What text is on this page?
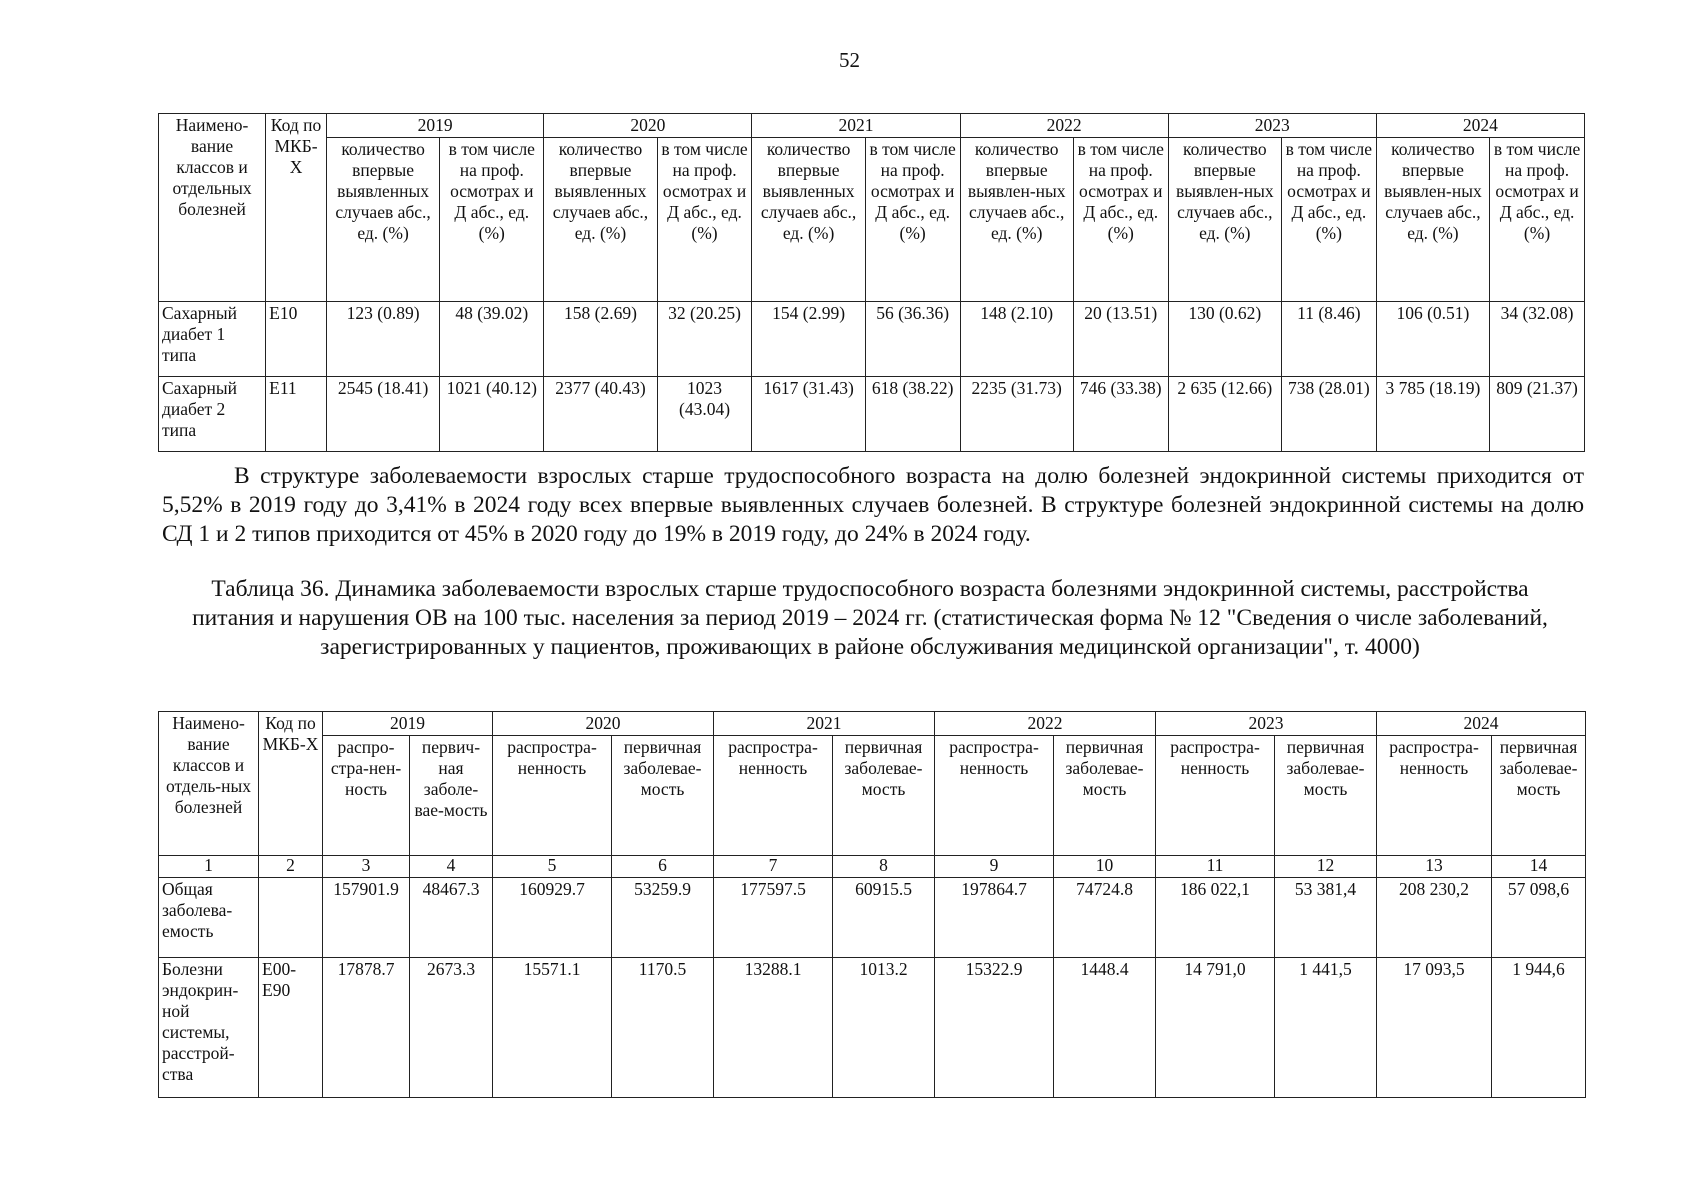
52
Наимено-вание классов и отдельных болезней	Код по МКБ-Х	2019		2020		2021		2022		2023		2024	
		количество впервые выявленных случаев абс., ед. (%)	в том числе на проф. осмотрах и Д абс., ед. (%)	количество впервые выявленных случаев абс., ед. (%)	в том числе на проф. осмотрах и Д абс., ед. (%)	количество впервые выявленных случаев абс., ед. (%)	в том числе на проф. осмотрах и Д абс., ед. (%)	количество впервые выявлен-ных случаев абс., ед. (%)	в том числе на проф. осмотрах и Д абс., ед. (%)	количество впервые выявлен-ных случаев абс., ед. (%)	в том числе на проф. осмотрах и Д абс., ед. (%)	количество впервые выявлен-ных случаев абс., ед. (%)	в том числе на проф. осмотрах и Д абс., ед. (%)
Сахарный диабет 1 типа	E10	123 (0.89)	48 (39.02)	158 (2.69)	32 (20.25)	154 (2.99)	56 (36.36)	148 (2.10)	20 (13.51)	130 (0.62)	11 (8.46)	106 (0.51)	34 (32.08)
Сахарный диабет 2 типа	E11	2545 (18.41)	1021 (40.12)	2377 (40.43)	1023 (43.04)	1617 (31.43)	618 (38.22)	2235 (31.73)	746 (33.38)	2 635 (12.66)	738 (28.01)	3 785 (18.19)	809 (21.37)

В структуре заболеваемости взрослых старше трудоспособного возраста на долю болезней эндокринной системы приходится от 5,52% в 2019 году до 3,41% в 2024 году всех впервые выявленных случаев болезней. В структуре болезней эндокринной системы на долю СД 1 и 2 типов приходится от 45% в 2020 году до 19% в 2019 году, до 24% в 2024 году.

Таблица 36. Динамика заболеваемости взрослых старше трудоспособного возраста болезнями эндокринной системы, расстройства питания и нарушения ОВ на 100 тыс. населения за период 2019 – 2024 гг. (статистическая форма № 12 "Сведения о числе заболеваний, зарегистрированных у пациентов, проживающих в районе обслуживания медицинской организации", т. 4000)

Наимено-вание классов и отдель-ных болезней	Код по МКБ-Х	2019		2020		2021		2022		2023		2024	
		распро-стра-нен-ность	первич-ная заболе-вае-мость	распростра-ненность	первичная заболевае-мость	распростра-ненность	первичная заболевае-мость	распростра-ненность	первичная заболевае-мость	распростра-ненность	первичная заболевае-мость	распростра-ненность	первичная заболевае-мость
1	2	3	4	5	6	7	8	9	10	11	12	13	14
Общая заболева-емость		157901.9	48467.3	160929.7	53259.9	177597.5	60915.5	197864.7	74724.8	186 022,1	53 381,4	208 230,2	57 098,6
Болезни эндокрин-ной системы, расстрой-ства	E00-E90	17878.7	2673.3	15571.1	1170.5	13288.1	1013.2	15322.9	1448.4	14 791,0	1 441,5	17 093,5	1 944,6
